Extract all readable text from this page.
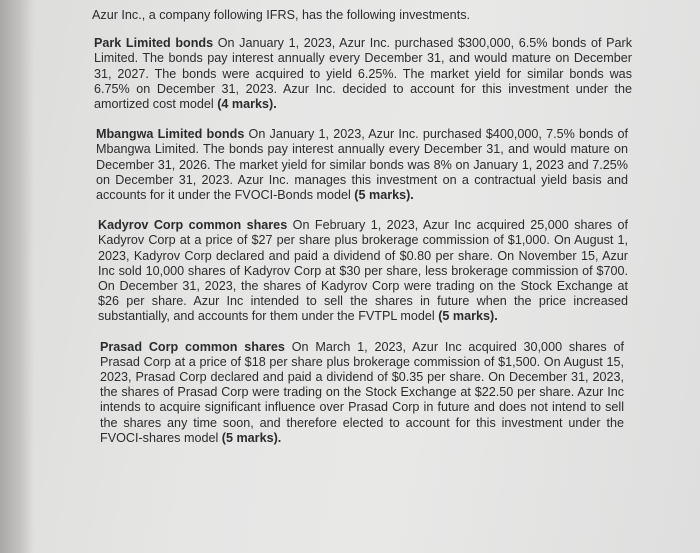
Azur Inc., a company following IFRS, has the following investments.

Park Limited bonds On January 1, 2023, Azur Inc. purchased $300,000, 6.5% bonds of Park Limited. The bonds pay interest annually every December 31, and would mature on December 31, 2027. The bonds were acquired to yield 6.25%. The market yield for similar bonds was 6.75% on December 31, 2023. Azur Inc. decided to account for this investment under the amortized cost model (4 marks).

Mbangwa Limited bonds On January 1, 2023, Azur Inc. purchased $400,000, 7.5% bonds of Mbangwa Limited. The bonds pay interest annually every December 31, and would mature on December 31, 2026. The market yield for similar bonds was 8% on January 1, 2023 and 7.25% on December 31, 2023. Azur Inc. manages this investment on a contractual yield basis and accounts for it under the FVOCI-Bonds model (5 marks).

Kadyrov Corp common shares On February 1, 2023, Azur Inc acquired 25,000 shares of Kadyrov Corp at a price of $27 per share plus brokerage commission of $1,000. On August 1, 2023, Kadyrov Corp declared and paid a dividend of $0.80 per share. On November 15, Azur Inc sold 10,000 shares of Kadyrov Corp at $30 per share, less brokerage commission of $700. On December 31, 2023, the shares of Kadyrov Corp were trading on the Stock Exchange at $26 per share. Azur Inc intended to sell the shares in future when the price increased substantially, and accounts for them under the FVTPL model (5 marks).

Prasad Corp common shares On March 1, 2023, Azur Inc acquired 30,000 shares of Prasad Corp at a price of $18 per share plus brokerage commission of $1,500. On August 15, 2023, Prasad Corp declared and paid a dividend of $0.35 per share. On December 31, 2023, the shares of Prasad Corp were trading on the Stock Exchange at $22.50 per share. Azur Inc intends to acquire significant influence over Prasad Corp in future and does not intend to sell the shares any time soon, and therefore elected to account for this investment under the FVOCI-shares model (5 marks).
